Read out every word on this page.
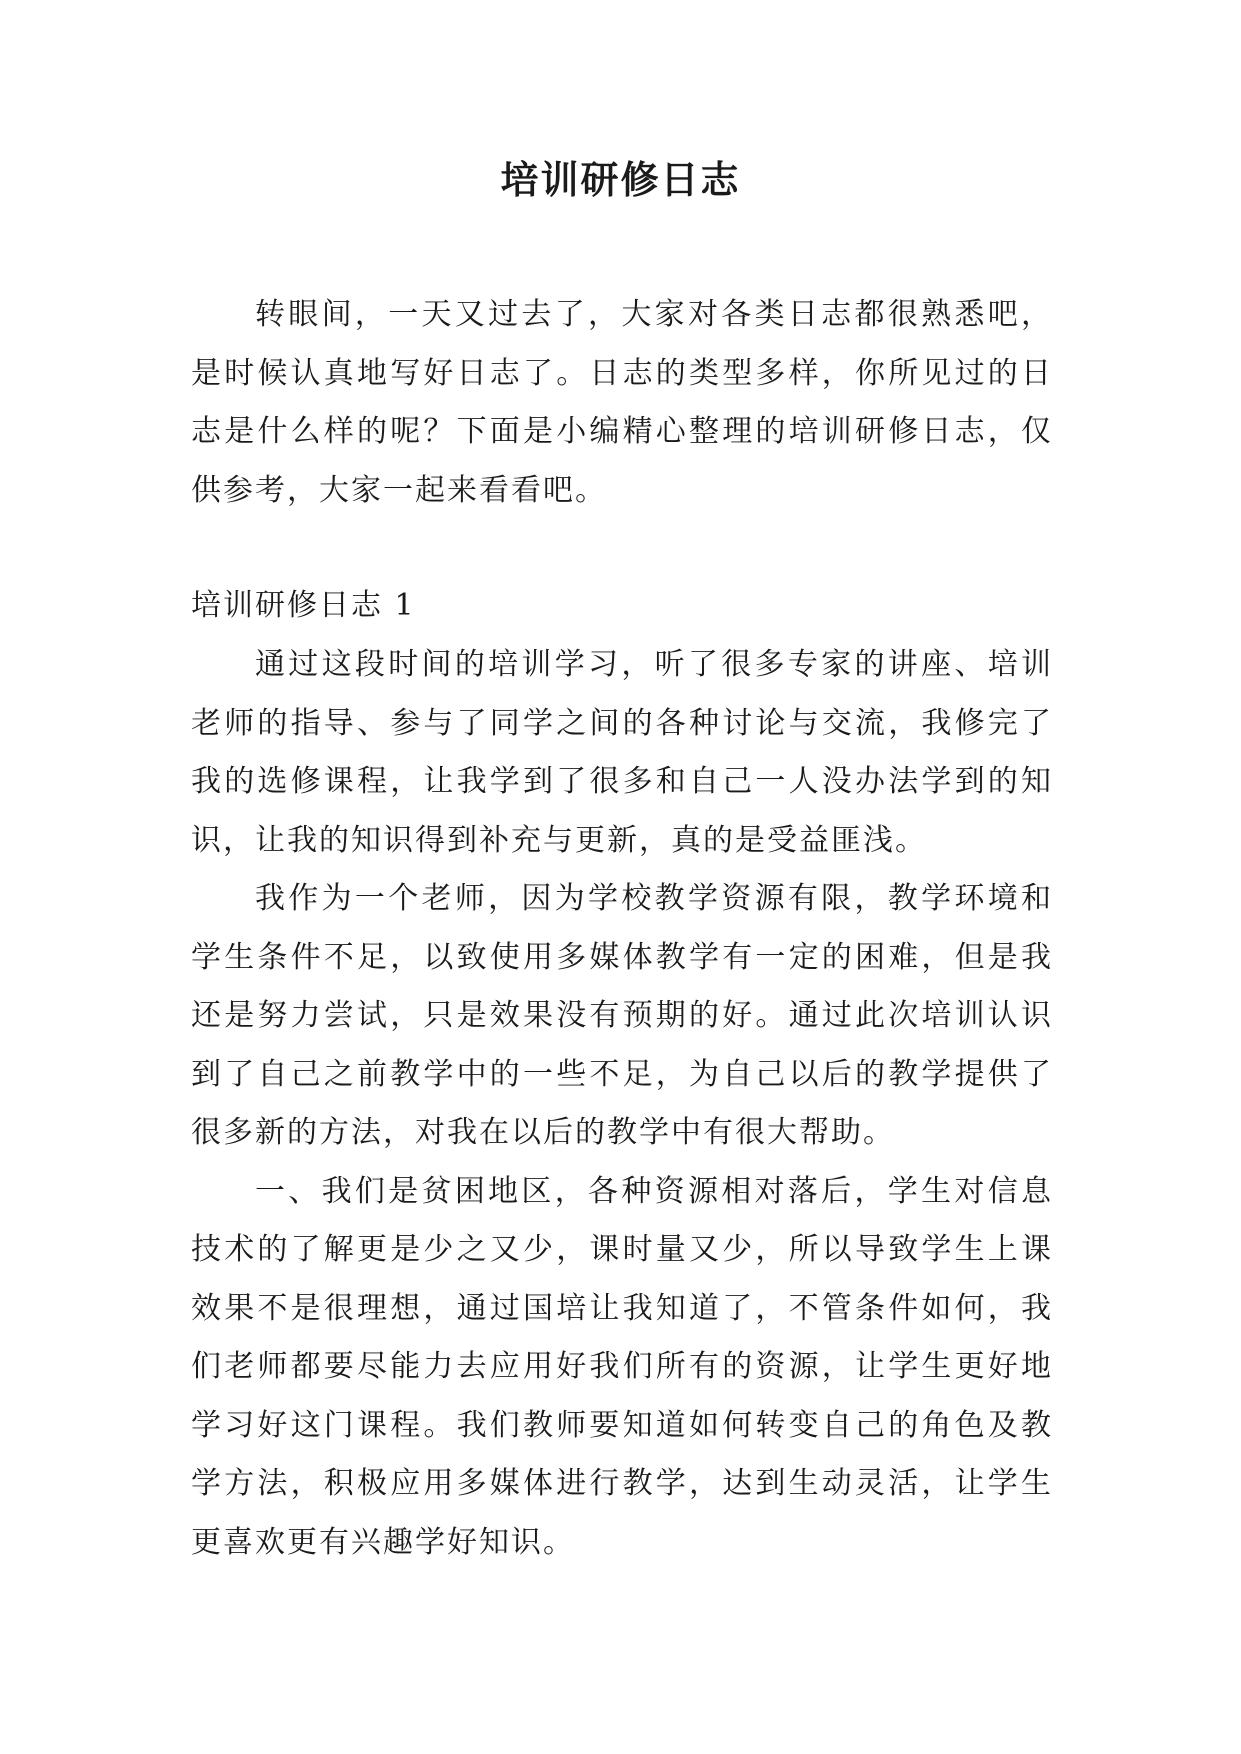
培训研修日志

转眼间，一天又过去了，大家对各类日志都很熟悉吧，是时候认真地写好日志了。日志的类型多样，你所见过的日志是什么样的呢？下面是小编精心整理的培训研修日志，仅供参考，大家一起来看看吧。

培训研修日志 1

通过这段时间的培训学习，听了很多专家的讲座、培训老师的指导、参与了同学之间的各种讨论与交流，我修完了我的选修课程，让我学到了很多和自己一人没办法学到的知识，让我的知识得到补充与更新，真的是受益匪浅。

我作为一个老师，因为学校教学资源有限，教学环境和学生条件不足，以致使用多媒体教学有一定的困难，但是我还是努力尝试，只是效果没有预期的好。通过此次培训认识到了自己之前教学中的一些不足，为自己以后的教学提供了很多新的方法，对我在以后的教学中有很大帮助。

一、我们是贫困地区，各种资源相对落后，学生对信息技术的了解更是少之又少，课时量又少，所以导致学生上课效果不是很理想，通过国培让我知道了，不管条件如何，我们老师都要尽能力去应用好我们所有的资源，让学生更好地学习好这门课程。我们教师要知道如何转变自己的角色及教学方法，积极应用多媒体进行教学，达到生动灵活，让学生更喜欢更有兴趣学好知识。
